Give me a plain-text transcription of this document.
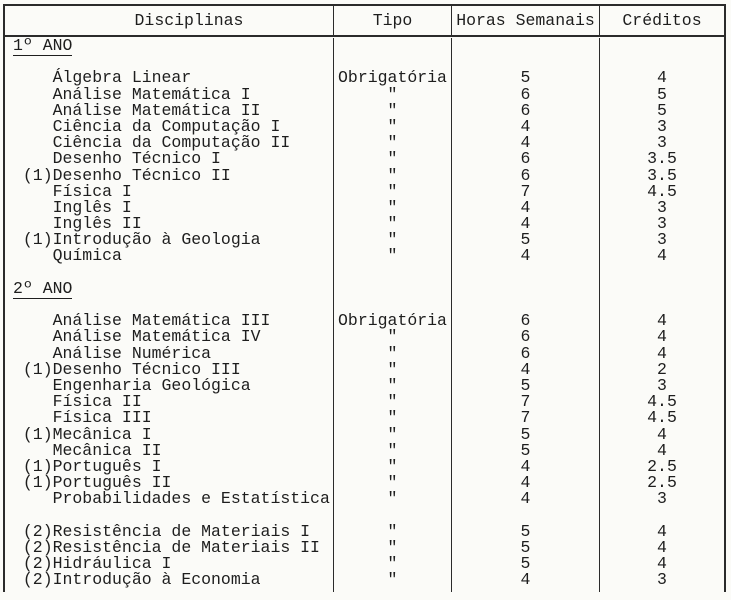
Disciplinas	Tipo	Horas Semanais	Créditos
1º ANO
Álgebra Linear	Obrigatória	5	4
Análise Matemática I	"	6	5
Análise Matemática II	"	6	5
Ciência da Computação I	"	4	3
Ciência da Computação II	"	4	3
Desenho Técnico I	"	6	3.5
(1)Desenho Técnico II	"	6	3.5
Física I	"	7	4.5
Inglês I	"	4	3
Inglês II	"	4	3
(1)Introdução à Geologia	"	5	3
Química	"	4	4
2º ANO
Análise Matemática III	Obrigatória	6	4
Análise Matemática IV	"	6	4
Análise Numérica	"	6	4
(1)Desenho Técnico III	"	4	2
Engenharia Geológica	"	5	3
Física II	"	7	4.5
Física III	"	7	4.5
(1)Mecânica I	"	5	4
Mecânica II	"	5	4
(1)Português I	"	4	2.5
(1)Português II	"	4	2.5
Probabilidades e Estatística	"	4	3
(2)Resistência de Materiais I	"	5	4
(2)Resistência de Materiais II	"	5	4
(2)Hidráulica I	"	5	4
(2)Introdução à Economia	"	4	3
